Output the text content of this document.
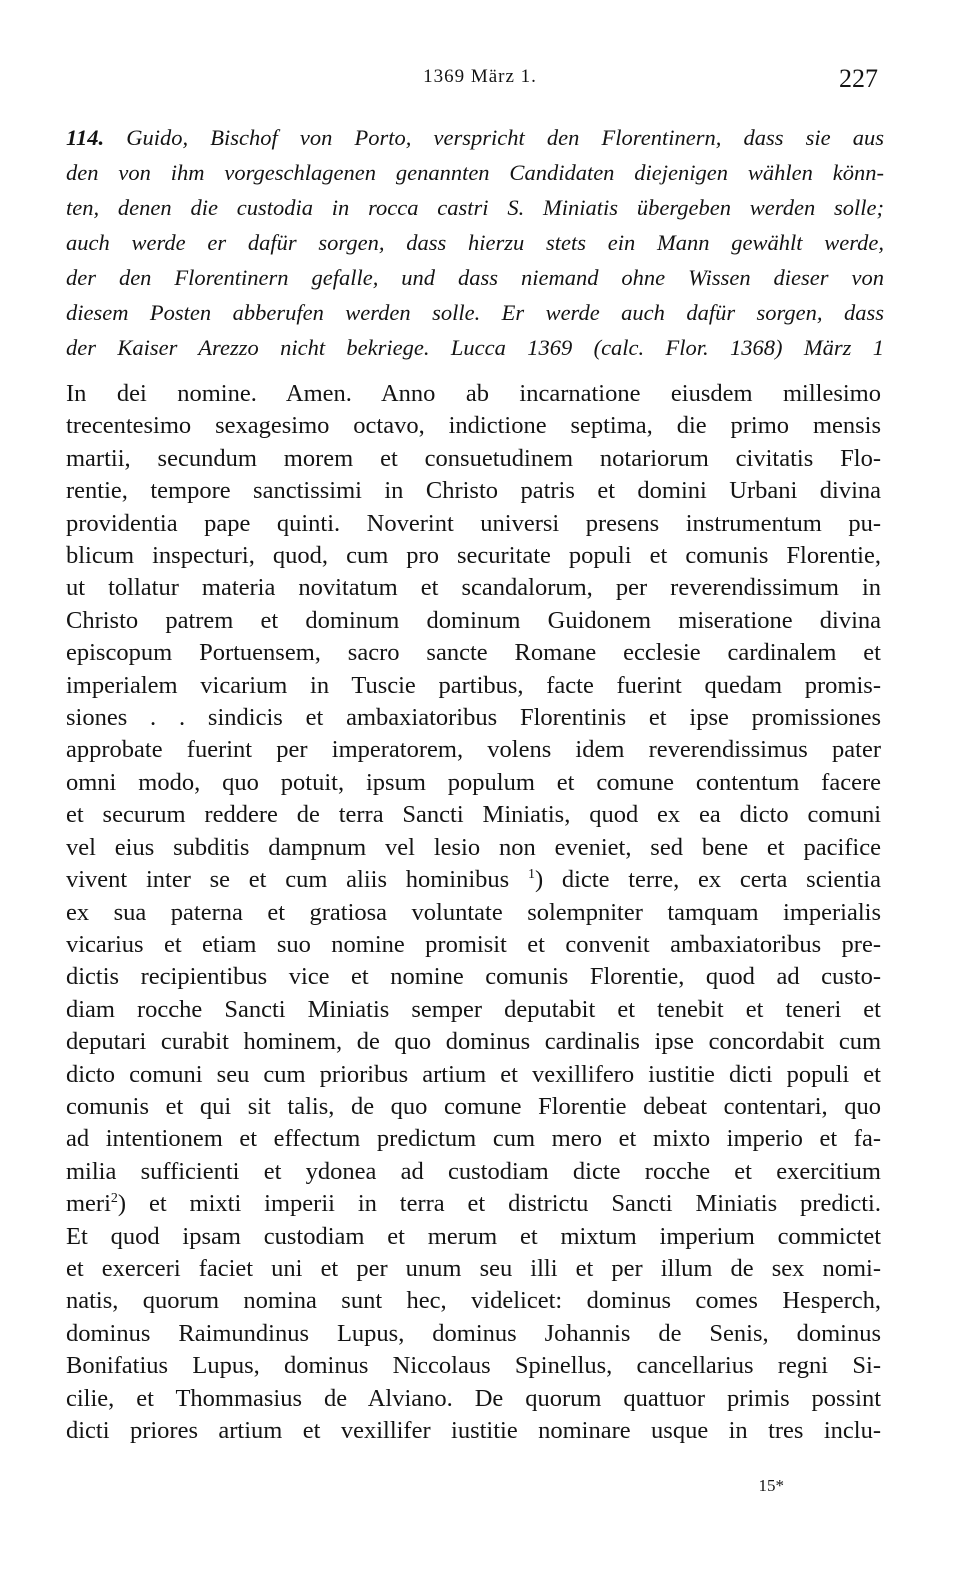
1369 März 1.	227
114. Guido, Bischof von Porto, verspricht den Florentinern, dass sie aus
den von ihm vorgeschlagenen genannten Candidaten diejenigen wählen könn-
ten, denen die custodia in rocca castri S. Miniatis übergeben werden solle;
auch werde er dafür sorgen, dass hierzu stets ein Mann gewählt werde,
der den Florentinern gefalle, und dass niemand ohne Wissen dieser von
diesem Posten abberufen werden solle. Er werde auch dafür sorgen, dass
der Kaiser Arezzo nicht bekriege. Lucca 1369 (calc. Flor. 1368) März 1
In dei nomine. Amen. Anno ab incarnatione eiusdem millesimo
trecentesimo sexagesimo octavo, indictione septima, die primo mensis
martii, secundum morem et consuetudinem notariorum civitatis Flo-
rentie, tempore sanctissimi in Christo patris et domini Urbani divina
providentia pape quinti. Noverint universi presens instrumentum pu-
blicum inspecturi, quod, cum pro securitate populi et comunis Florentie,
ut tollatur materia novitatum et scandalorum, per reverendissimum in
Christo patrem et dominum dominum Guidonem miseratione divina
episcopum Portuensem, sacro sancte Romane ecclesie cardinalem et
imperialem vicarium in Tuscie partibus, facte fuerint quedam promis-
siones . . sindicis et ambaxiatoribus Florentinis et ipse promissiones
approbate fuerint per imperatorem, volens idem reverendissimus pater
omni modo, quo potuit, ipsum populum et comune contentum facere
et securum reddere de terra Sancti Miniatis, quod ex ea dicto comuni
vel eius subditis dampnum vel lesio non eveniet, sed bene et pacifice
vivent inter se et cum aliis hominibus $^1$) dicte terre, ex certa scientia
ex sua paterna et gratiosa voluntate solempniter tamquam imperialis
vicarius et etiam suo nomine promisit et convenit ambaxiatoribus pre-
dictis recipientibus vice et nomine comunis Florentie, quod ad custo-
diam rocche Sancti Miniatis semper deputabit et tenebit et teneri et
deputari curabit hominem, de quo dominus cardinalis ipse concordabit cum
dicto comuni seu cum prioribus artium et vexillifero iustitie dicti populi et
comunis et qui sit talis, de quo comune Florentie debeat contentari, quo
ad intentionem et effectum predictum cum mero et mixto imperio et fa-
milia sufficienti et ydonea ad custodiam dicte rocche et exercitium
meri$^2$) et mixti imperii in terra et districtu Sancti Miniatis predicti.
Et quod ipsam custodiam et merum et mixtum imperium commictet
et exerceri faciet uni et per unum seu illi et per illum de sex nomi-
natis, quorum nomina sunt hec, videlicet: dominus comes Hesperch,
dominus Raimundinus Lupus, dominus Johannis de Senis, dominus
Bonifatius Lupus, dominus Niccolaus Spinellus, cancellarius regni Si-
cilie, et Thommasius de Alviano. De quorum quattuor primis possint
dicti priores artium et vexillifer iustitie nominare usque in tres inclu-
15*
